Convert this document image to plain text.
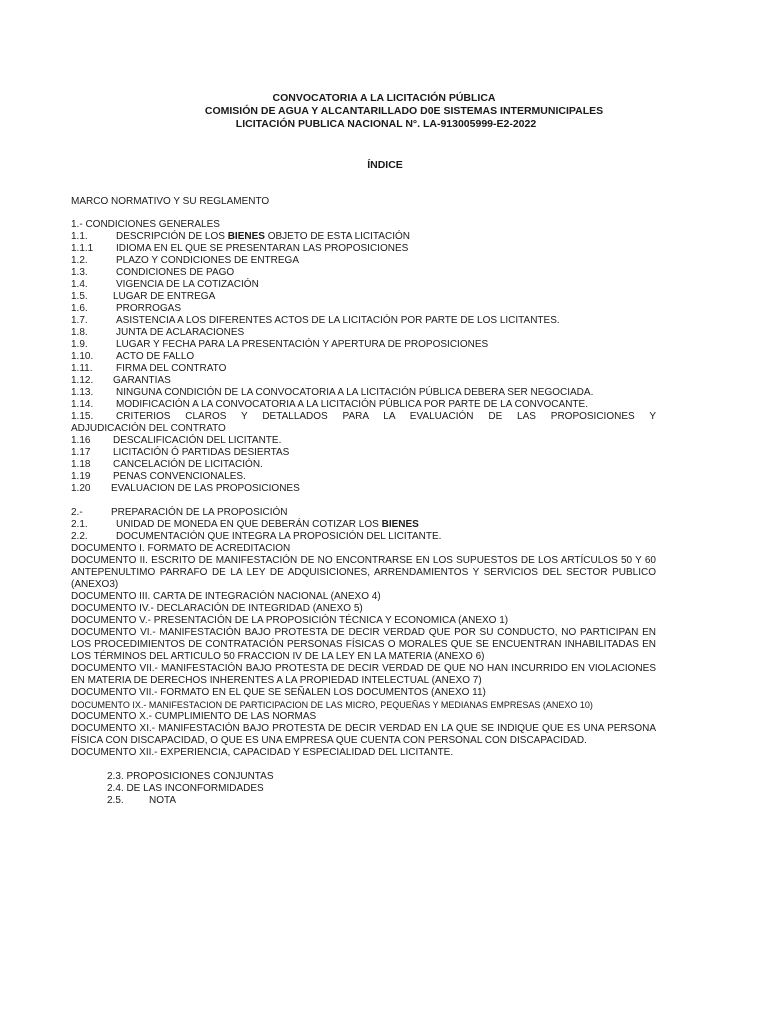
CONVOCATORIA A LA LICITACIÓN PÚBLICA
COMISIÓN DE AGUA Y ALCANTARILLADO D0E SISTEMAS INTERMUNICIPALES
LICITACIÓN PUBLICA NACIONAL N°. LA-913005999-E2-2022
ÍNDICE
MARCO NORMATIVO Y SU REGLAMENTO
1.- CONDICIONES GENERALES
1.1.	DESCRIPCIÓN DE LOS BIENES OBJETO DE ESTA LICITACIÓN
1.1.1	IDIOMA EN EL QUE SE PRESENTARAN LAS PROPOSICIONES
1.2.	PLAZO Y CONDICIONES DE ENTREGA
1.3.	CONDICIONES DE PAGO
1.4.	VIGENCIA DE LA COTIZACIÓN
1.5.	LUGAR DE ENTREGA
1.6.	PRORROGAS
1.7.	ASISTENCIA A LOS DIFERENTES ACTOS DE LA LICITACIÓN POR PARTE DE LOS LICITANTES.
1.8.	JUNTA DE ACLARACIONES
1.9.	LUGAR Y FECHA PARA LA PRESENTACIÓN Y APERTURA DE PROPOSICIONES
1.10.	ACTO DE FALLO
1.11.	FIRMA DEL CONTRATO
1.12.	GARANTIAS
1.13.	NINGUNA CONDICIÓN DE LA CONVOCATORIA A LA LICITACIÓN PÚBLICA DEBERA SER NEGOCIADA.
1.14.	MODIFICACIÓN A LA CONVOCATORIA A LA LICITACIÓN PÚBLICA POR PARTE DE LA CONVOCANTE.
1.15.	CRITERIOS CLAROS Y DETALLADOS PARA LA EVALUACIÓN DE LAS PROPOSICIONES Y
ADJUDICACIÓN DEL CONTRATO
1.16	DESCALIFICACIÓN DEL LICITANTE.
1.17	LICITACIÓN Ó PARTIDAS DESIERTAS
1.18	CANCELACIÓN DE LICITACIÓN.
1.19	PENAS CONVENCIONALES.
1.20	EVALUACION DE LAS PROPOSICIONES
2.-	PREPARACIÓN DE LA PROPOSICIÓN
2.1.	UNIDAD DE MONEDA EN QUE DEBERÁN COTIZAR LOS BIENES
2.2.	DOCUMENTACIÓN QUE INTEGRA LA PROPOSICIÓN DEL LICITANTE.
DOCUMENTO I. FORMATO DE ACREDITACION
DOCUMENTO II. ESCRITO DE MANIFESTACIÓN DE NO ENCONTRARSE EN LOS SUPUESTOS DE LOS ARTÍCULOS 50 Y 60 ANTEPENULTIMO PARRAFO DE LA LEY DE ADQUISICIONES, ARRENDAMIENTOS Y SERVICIOS DEL SECTOR PUBLICO (ANEXO3)
DOCUMENTO III. CARTA DE INTEGRACIÓN NACIONAL (ANEXO 4)
DOCUMENTO IV.- DECLARACIÓN DE INTEGRIDAD (ANEXO 5)
DOCUMENTO V.- PRESENTACIÓN DE LA PROPOSICIÓN TÉCNICA Y ECONOMICA (ANEXO 1)
DOCUMENTO VI.- MANIFESTACIÓN BAJO PROTESTA DE DECIR VERDAD QUE POR SU CONDUCTO, NO PARTICIPAN EN LOS PROCEDIMIENTOS DE CONTRATACIÓN PERSONAS FÍSICAS O MORALES QUE SE ENCUENTRAN INHABILITADAS EN LOS TÉRMINOS DEL ARTICULO 50 FRACCION IV DE LA LEY EN LA MATERIA (ANEXO 6)
DOCUMENTO VII.- MANIFESTACIÓN BAJO PROTESTA DE DECIR VERDAD DE QUE NO HAN INCURRIDO EN VIOLACIONES EN MATERIA DE DERECHOS INHERENTES A LA PROPIEDAD INTELECTUAL (ANEXO 7)
DOCUMENTO VII.- FORMATO EN EL QUE SE SEÑALEN LOS DOCUMENTOS (ANEXO 11)
DOCUMENTO IX.- MANIFESTACION DE PARTICIPACION DE LAS MICRO, PEQUEÑAS Y MEDIANAS EMPRESAS (ANEXO 10)
DOCUMENTO X.- CUMPLIMIENTO DE LAS NORMAS
DOCUMENTO XI.- MANIFESTACIÓN BAJO PROTESTA DE DECIR VERDAD EN LA QUE SE INDIQUE QUE ES UNA PERSONA FÍSICA CON DISCAPACIDAD, O QUE ES UNA EMPRESA QUE CUENTA CON PERSONAL CON DISCAPACIDAD.
DOCUMENTO XII.- EXPERIENCIA, CAPACIDAD Y ESPECIALIDAD DEL LICITANTE.
2.3. PROPOSICIONES CONJUNTAS
2.4. DE LAS INCONFORMIDADES
2.5.	NOTA
